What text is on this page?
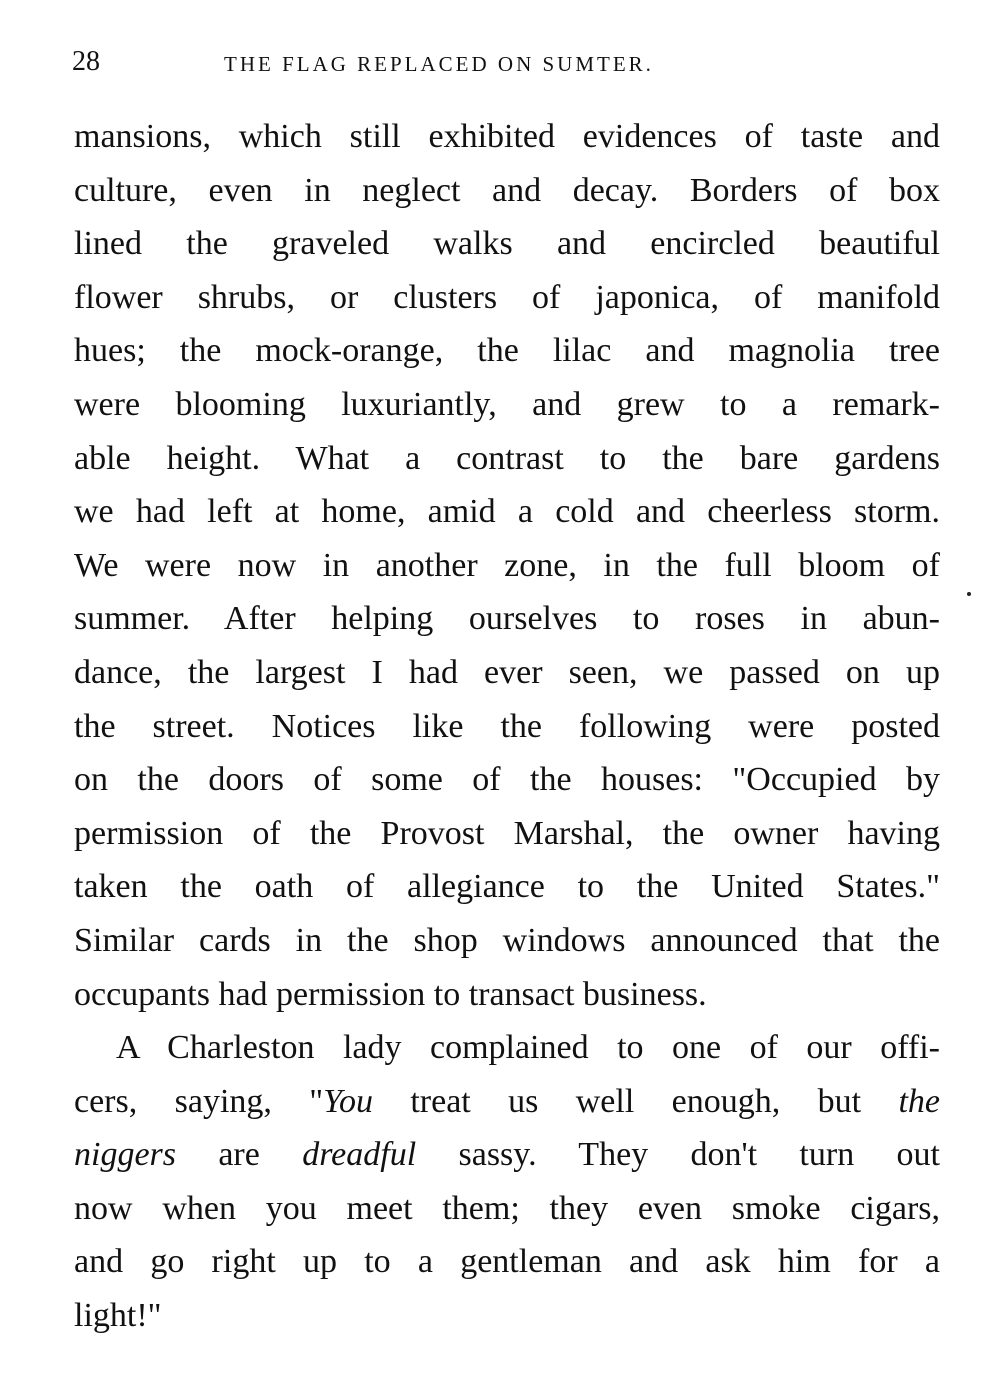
28	THE FLAG REPLACED ON SUMTER.
mansions, which still exhibited evidences of taste and
culture, even in neglect and decay. Borders of box
lined the graveled walks and encircled beautiful
flower shrubs, or clusters of japonica, of manifold
hues; the mock-orange, the lilac and magnolia tree
were blooming luxuriantly, and grew to a remark-
able height. What a contrast to the bare gardens
we had left at home, amid a cold and cheerless storm.
We were now in another zone, in the full bloom of
summer. After helping ourselves to roses in abun-
dance, the largest I had ever seen, we passed on up
the street. Notices like the following were posted
on the doors of some of the houses: "Occupied by
permission of the Provost Marshal, the owner having
taken the oath of allegiance to the United States."
Similar cards in the shop windows announced that the
occupants had permission to transact business.
A Charleston lady complained to one of our offi-
cers, saying, "You treat us well enough, but the
niggers are dreadful sassy. They don't turn out
now when you meet them; they even smoke cigars,
and go right up to a gentleman and ask him for a
light!"
